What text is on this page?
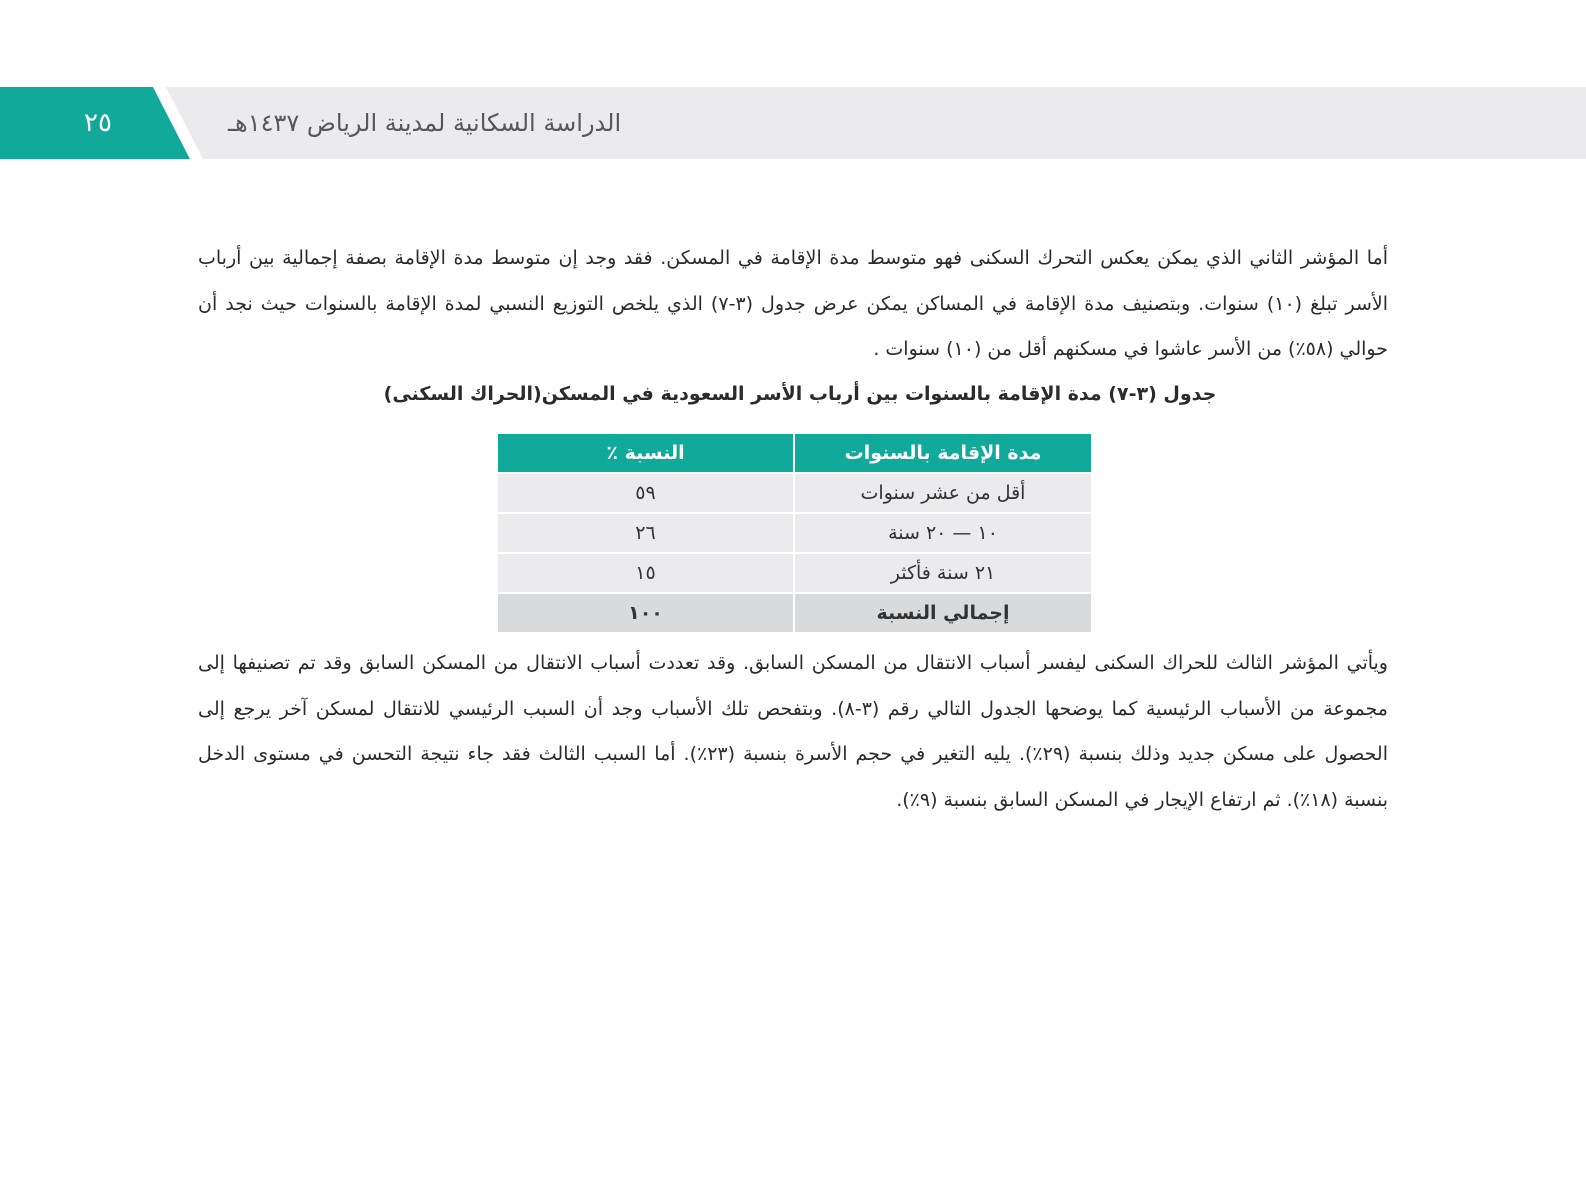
الدراسة السكانية لمدينة الرياض ١٤٣٧هـ
٢٥

أما المؤشر الثاني الذي يمكن يعكس التحرك السكنى فهو متوسط مدة الإقامة في المسكن. فقد وجد إن متوسط مدة الإقامة بصفة إجمالية بين أرباب الأسر تبلغ (١٠) سنوات. وبتصنيف مدة الإقامة في المساكن يمكن عرض جدول (٣-٧) الذي يلخص التوزيع النسبي لمدة الإقامة بالسنوات حيث نجد أن حوالي (٥٨٪) من الأسر عاشوا في مسكنهم أقل من (١٠) سنوات .

جدول (٣-٧) مدة الإقامة بالسنوات بين أرباب الأسر السعودية في المسكن(الحراك السكنى)
مدة الإقامة بالسنوات	النسبة ٪
أقل من عشر سنوات	٥٩
١٠ — ٢٠ سنة	٢٦
٢١ سنة فأكثر	١٥
إجمالي النسبة	١٠٠

ويأتي المؤشر الثالث للحراك السكنى ليفسر أسباب الانتقال من المسكن السابق. وقد تعددت أسباب الانتقال من المسكن السابق وقد تم تصنيفها إلى مجموعة من الأسباب الرئيسية كما يوضحها الجدول التالي رقم (٣-٨). وبتفحص تلك الأسباب وجد أن السبب الرئيسي للانتقال لمسكن آخر يرجع إلى الحصول على مسكن جديد وذلك بنسبة (٢٩٪). يليه التغير في حجم الأسرة بنسبة (٢٣٪). أما السبب الثالث فقد جاء نتيجة التحسن في مستوى الدخل بنسبة (١٨٪). ثم ارتفاع الإيجار في المسكن السابق بنسبة (٩٪).
